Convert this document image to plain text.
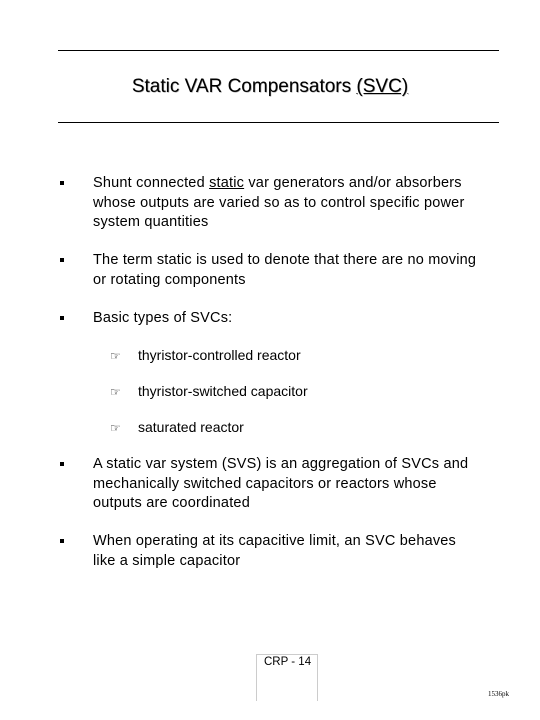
Static VAR Compensators (SVC)
Shunt connected static var generators and/or absorbers whose outputs are varied so as to control specific power system quantities
The term static is used to denote that there are no moving or rotating components
Basic types of SVCs:
☞ thyristor-controlled reactor
☞ thyristor-switched capacitor
☞ saturated reactor
A static var system (SVS) is an aggregation of SVCs and mechanically switched capacitors or reactors whose outputs are coordinated
When operating at its capacitive limit, an SVC behaves like a simple capacitor
CRP - 14
1536pk
